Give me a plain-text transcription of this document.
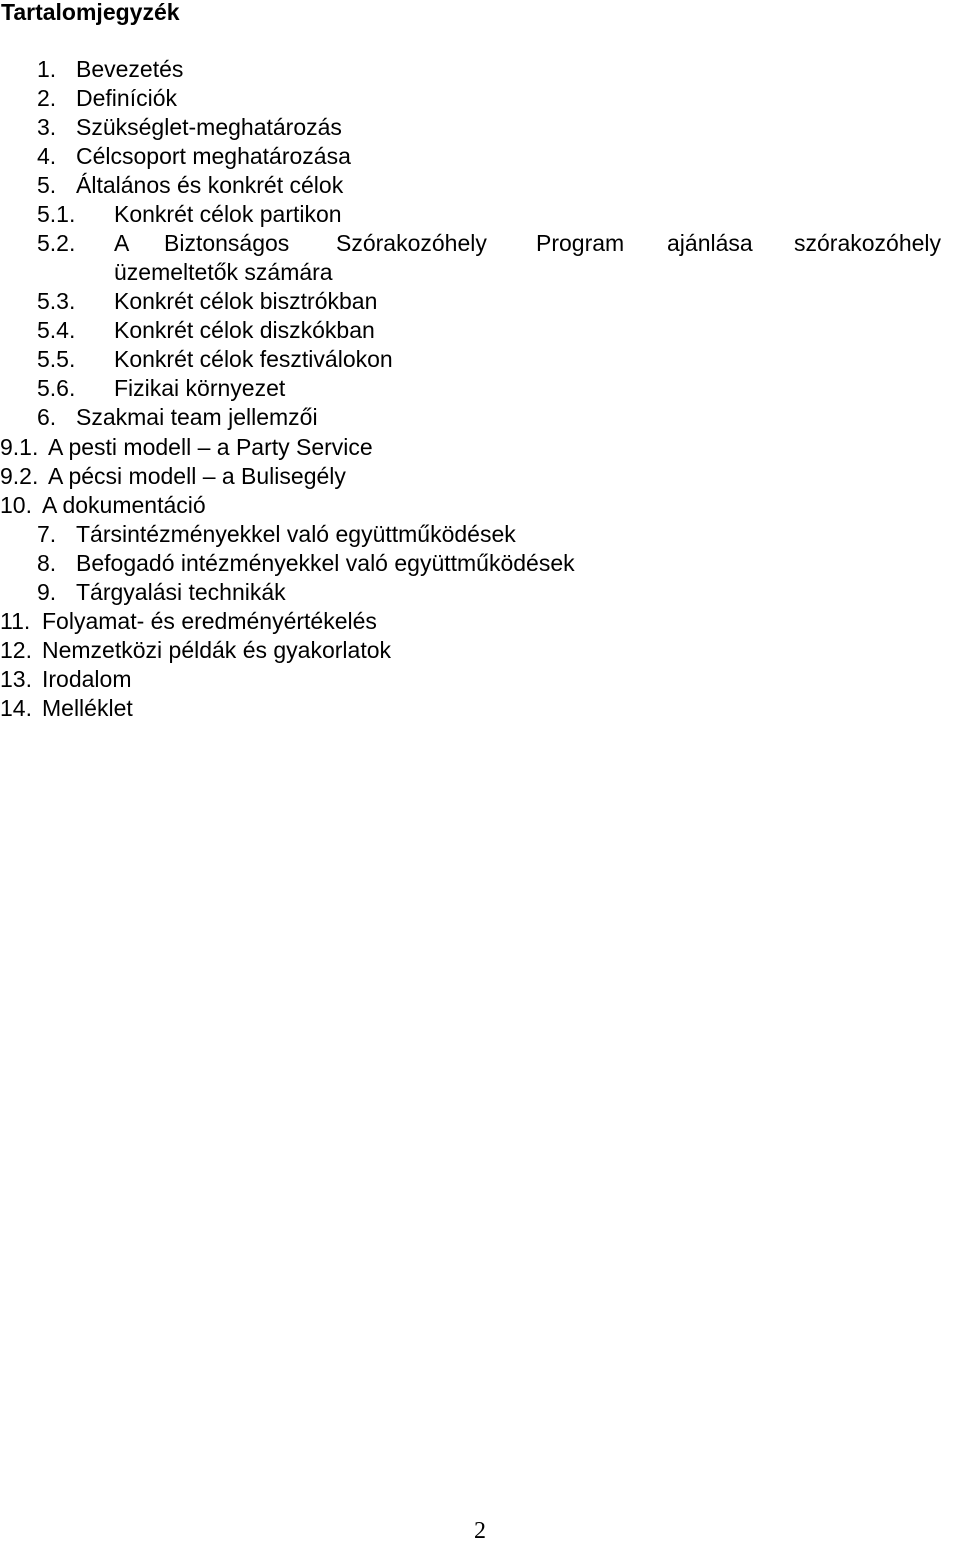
Tartalomjegyzék
1. Bevezetés
2. Definíciók
3. Szükséglet-meghatározás
4. Célcsoport meghatározása
5. Általános és konkrét célok
5.1. Konkrét célok partikon
5.2. A Biztonságos Szórakozóhely Program ajánlása szórakozóhely
üzemeltetők számára
5.3. Konkrét célok bisztrókban
5.4. Konkrét célok diszkókban
5.5. Konkrét célok fesztiválokon
5.6. Fizikai környezet
6. Szakmai team jellemzői
9.1. A pesti modell – a Party Service
9.2. A pécsi modell – a Bulisegély
10. A dokumentáció
7. Társintézményekkel való együttműködések
8. Befogadó intézményekkel való együttműködések
9. Tárgyalási technikák
11. Folyamat- és eredményértékelés
12. Nemzetközi példák és gyakorlatok
13. Irodalom
14. Melléklet
2
